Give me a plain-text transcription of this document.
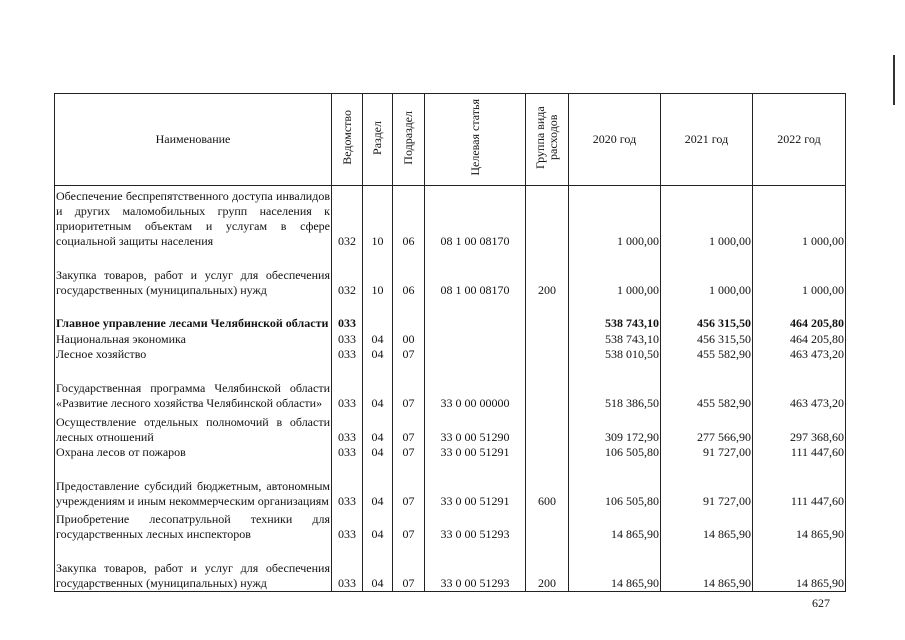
Наименование	Ведомство	Раздел	Подраздел	Целевая статья	Группа вида расходов	2020 год	2021 год	2022 год
Обеспечение беспрепятственного доступа инвалидов и других маломобильных групп населения к приоритетным объектам и услугам в сфере социальной защиты населения	032	10	06	08 1 00 08170		1 000,00	1 000,00	1 000,00
Закупка товаров, работ и услуг для обеспечения государственных (муниципальных) нужд	032	10	06	08 1 00 08170	200	1 000,00	1 000,00	1 000,00
Главное управление лесами Челябинской области	033					538 743,10	456 315,50	464 205,80
Национальная экономика	033	04	00			538 743,10	456 315,50	464 205,80
Лесное хозяйство	033	04	07			538 010,50	455 582,90	463 473,20
Государственная программа Челябинской области «Развитие лесного хозяйства Челябинской области»	033	04	07	33 0 00 00000		518 386,50	455 582,90	463 473,20
Осуществление отдельных полномочий в области лесных отношений	033	04	07	33 0 00 51290		309 172,90	277 566,90	297 368,60
Охрана лесов от пожаров	033	04	07	33 0 00 51291		106 505,80	91 727,00	111 447,60
Предоставление субсидий бюджетным, автономным учреждениям и иным некоммерческим организациям	033	04	07	33 0 00 51291	600	106 505,80	91 727,00	111 447,60
Приобретение лесопатрульной техники для государственных лесных инспекторов	033	04	07	33 0 00 51293		14 865,90	14 865,90	14 865,90
Закупка товаров, работ и услуг для обеспечения государственных (муниципальных) нужд	033	04	07	33 0 00 51293	200	14 865,90	14 865,90	14 865,90
627
